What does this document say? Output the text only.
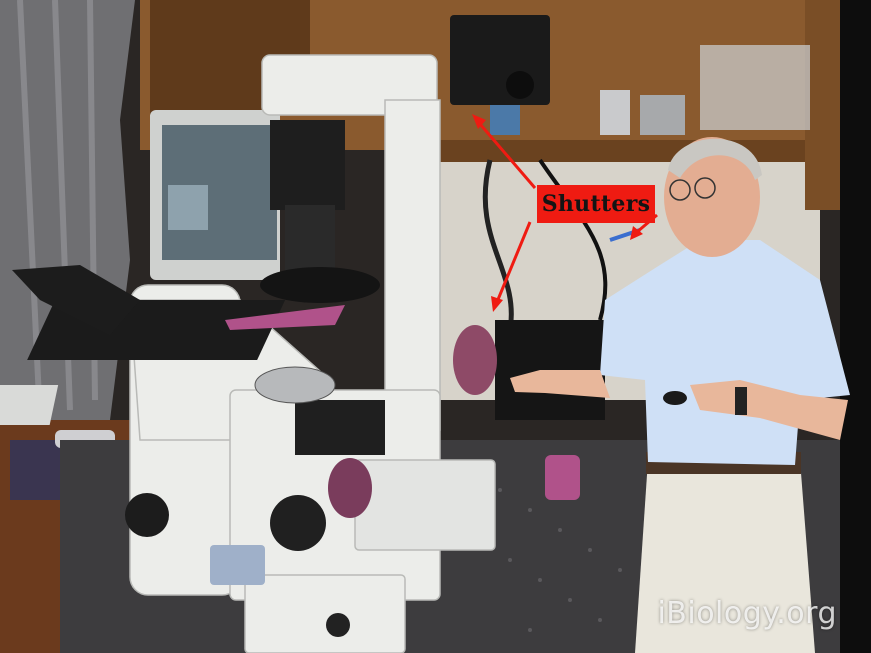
Shutters
iBiology.org
